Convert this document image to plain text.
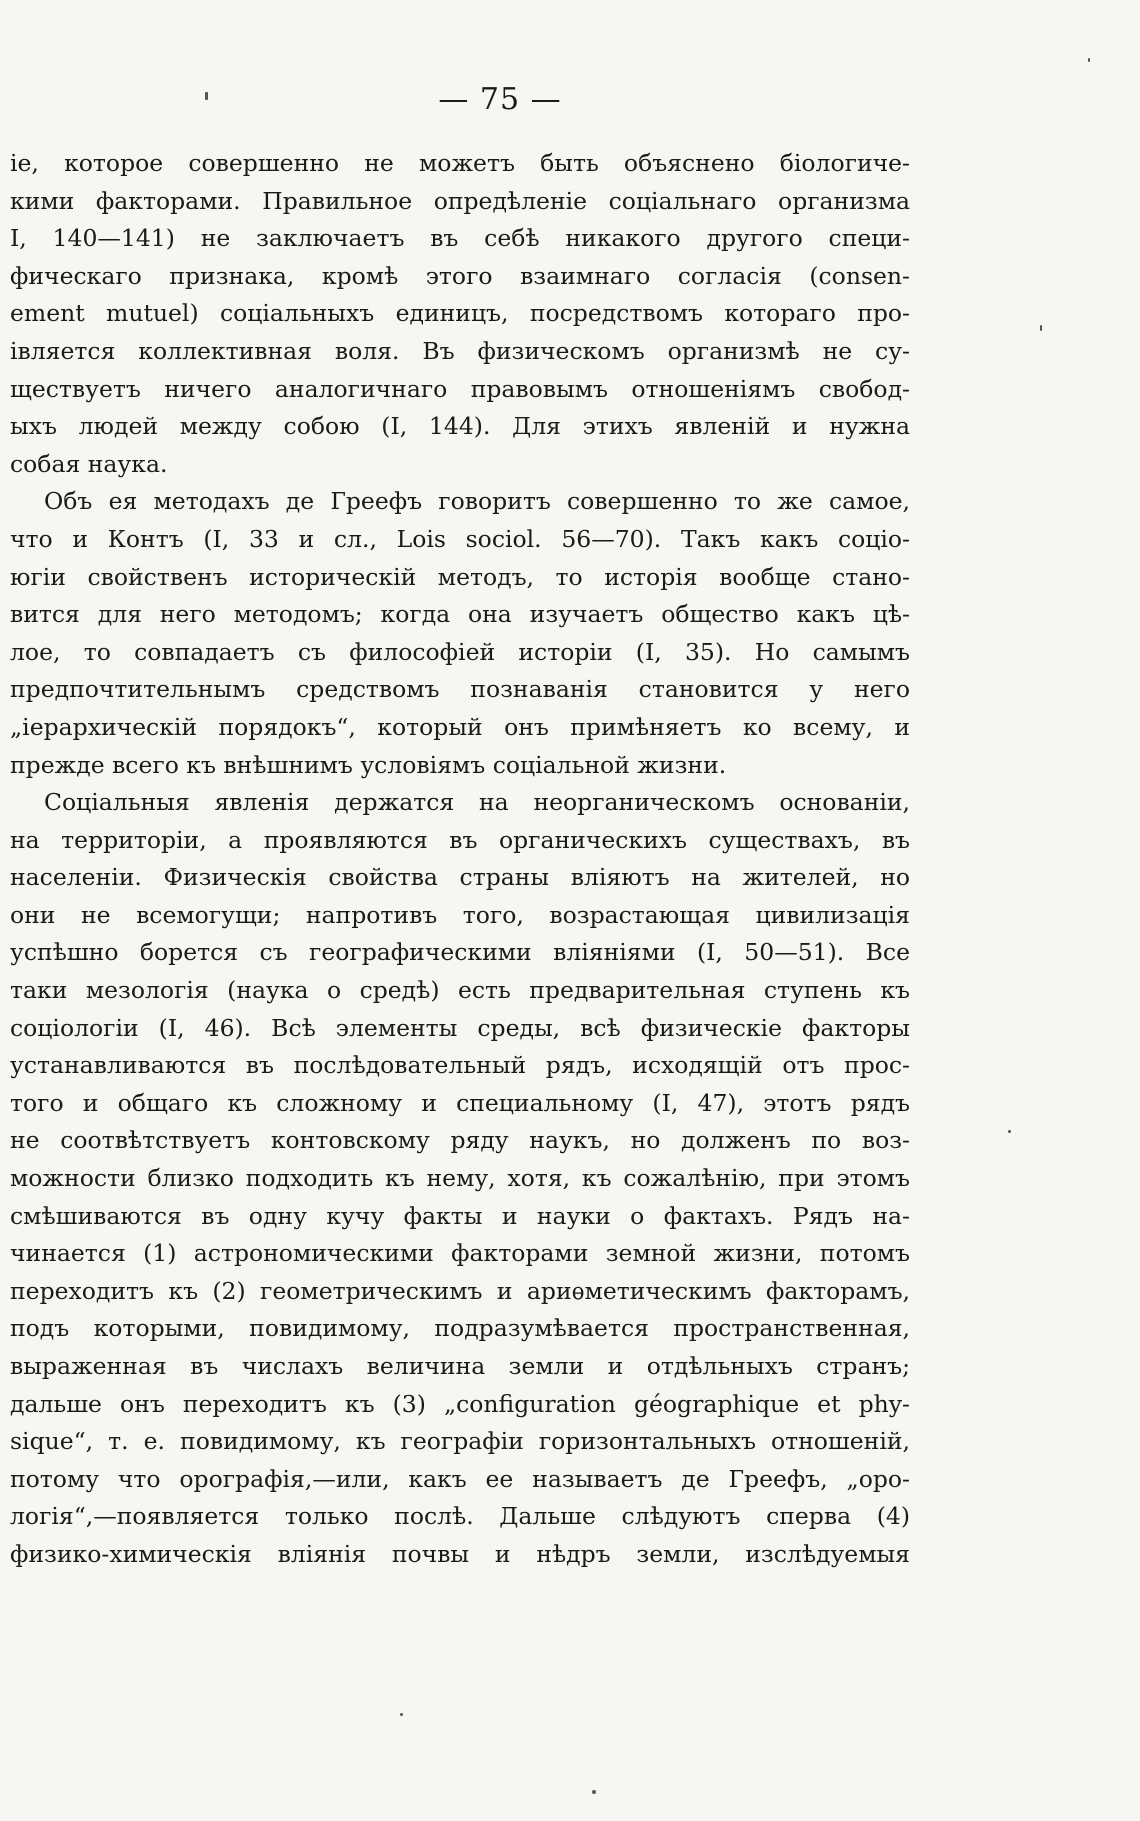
— 75 —
ie, которое совершенно не можетъ быть объяснено біологиче-
кими факторами. Правильное опредѣленіе соціальнаго организма
I, 140—141) не заключаетъ въ себѣ никакого другого специ-
фическаго признака, кромѣ этого взаимнаго согласія (consen-
ement mutuel) соціальныхъ единицъ, посредствомъ котораго про-
івляется коллективная воля. Въ физическомъ организмѣ не су-
ществуетъ ничего аналогичнаго правовымъ отношеніямъ свобод-
ыхъ людей между собою (I, 144). Для этихъ явленій и нужна
собая наука.
Объ ея методахъ де Греефъ говоритъ совершенно то же самое,
что и Контъ (I, 33 и сл., Lois sociol. 56—70). Такъ какъ соціо-
югіи свойственъ историческій методъ, то исторія вообще стано-
вится для него методомъ; когда она изучаетъ общество какъ цѣ-
лое, то совпадаетъ съ философіей исторіи (I, 35). Но самымъ
предпочтительнымъ средствомъ познаванія становится у него
„іерархическій порядокъ“, который онъ примѣняетъ ко всему, и
прежде всего къ внѣшнимъ условіямъ соціальной жизни.
Соціальныя явленія держатся на неорганическомъ основаніи,
на территоріи, а проявляются въ органическихъ существахъ, въ
населеніи. Физическія свойства страны вліяютъ на жителей, но
они не всемогущи; напротивъ того, возрастающая цивилизація
успѣшно борется съ географическими вліяніями (I, 50—51). Все
таки мезологія (наука о средѣ) есть предварительная ступень къ
соціологіи (I, 46). Всѣ элементы среды, всѣ физическіе факторы
устанавливаются въ послѣдовательный рядъ, исходящій отъ прос-
того и общаго къ сложному и специальному (I, 47), этотъ рядъ
не соотвѣтствуетъ контовскому ряду наукъ, но долженъ по воз-
можности близко подходить къ нему, хотя, къ сожалѣнію, при этомъ
смѣшиваются въ одну кучу факты и науки о фактахъ. Рядъ на-
чинается (1) астрономическими факторами земной жизни, потомъ
переходитъ къ (2) геометрическимъ и ариѳметическимъ факторамъ,
подъ которыми, повидимому, подразумѣвается пространственная,
выраженная въ числахъ величина земли и отдѣльныхъ странъ;
дальше онъ переходитъ къ (3) „configuration géographique et phy-
sique“, т. е. повидимому, къ географіи горизонтальныхъ отношеній,
потому что орографія,—или, какъ ее называетъ де Греефъ, „оро-
логія“,—появляется только послѣ. Дальше слѣдуютъ сперва (4)
физико-химическія вліянія почвы и нѣдръ земли, изслѣдуемыя
